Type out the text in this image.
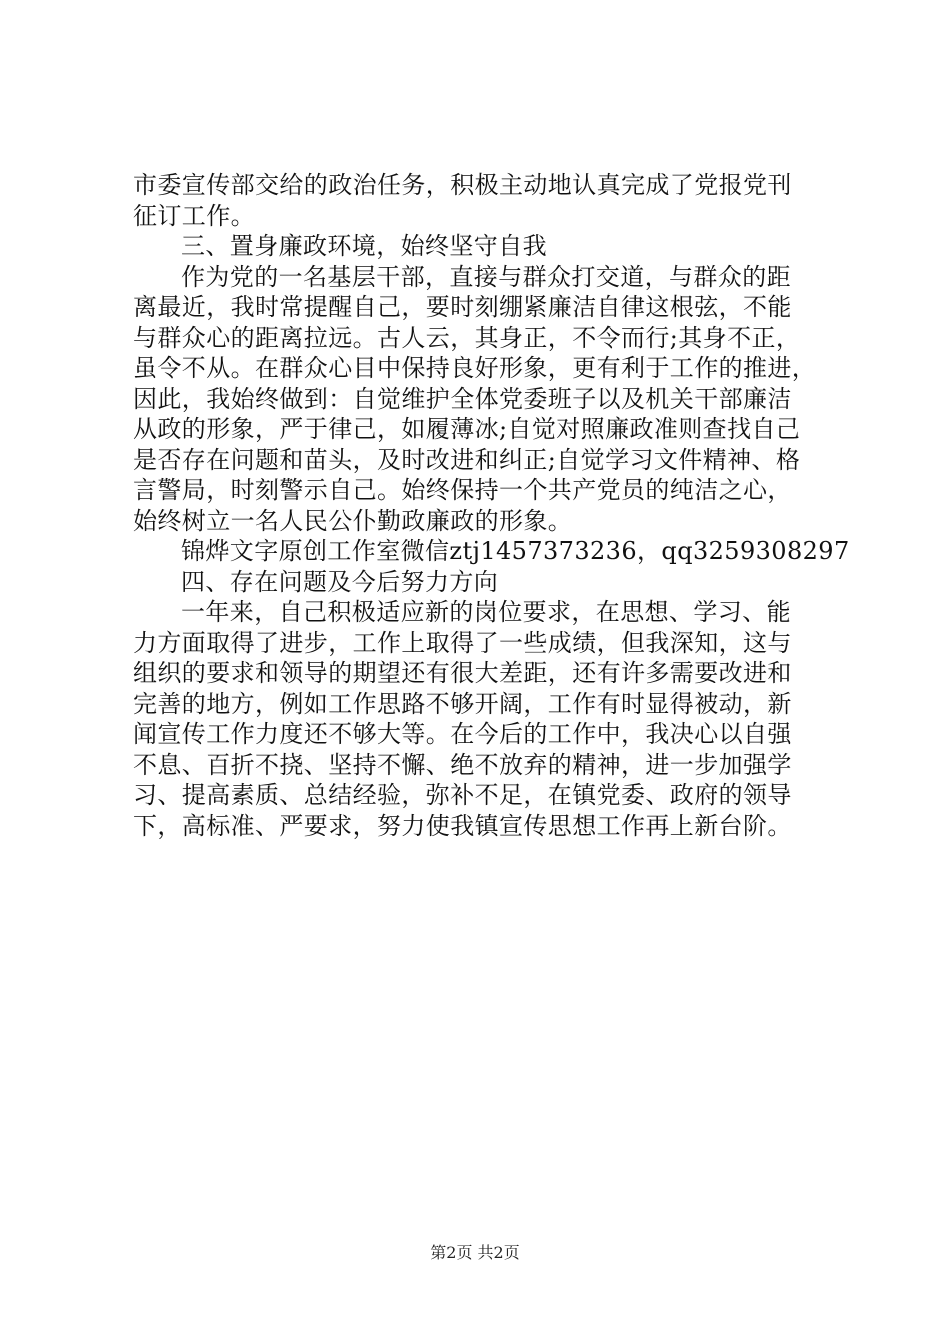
市委宣传部交给的政治任务，积极主动地认真完成了党报党刊
征订工作。
三、置身廉政环境，始终坚守自我
作为党的一名基层干部，直接与群众打交道，与群众的距
离最近，我时常提醒自己，要时刻绷紧廉洁自律这根弦，不能
与群众心的距离拉远。古人云，其身正，不令而行;其身不正，
虽令不从。在群众心目中保持良好形象，更有利于工作的推进，
因此，我始终做到：自觉维护全体党委班子以及机关干部廉洁
从政的形象，严于律己，如履薄冰;自觉对照廉政准则查找自己
是否存在问题和苗头，及时改进和纠正;自觉学习文件精神、格
言警局，时刻警示自己。始终保持一个共产党员的纯洁之心，
始终树立一名人民公仆勤政廉政的形象。
锦烨文字原创工作室微信ztj1457373236，qq3259308297
四、存在问题及今后努力方向
一年来，自己积极适应新的岗位要求，在思想、学习、能
力方面取得了进步，工作上取得了一些成绩，但我深知，这与
组织的要求和领导的期望还有很大差距，还有许多需要改进和
完善的地方，例如工作思路不够开阔，工作有时显得被动，新
闻宣传工作力度还不够大等。在今后的工作中，我决心以自强
不息、百折不挠、坚持不懈、绝不放弃的精神，进一步加强学
习、提高素质、总结经验，弥补不足，在镇党委、政府的领导
下，高标准、严要求，努力使我镇宣传思想工作再上新台阶。
第2页 共2页
